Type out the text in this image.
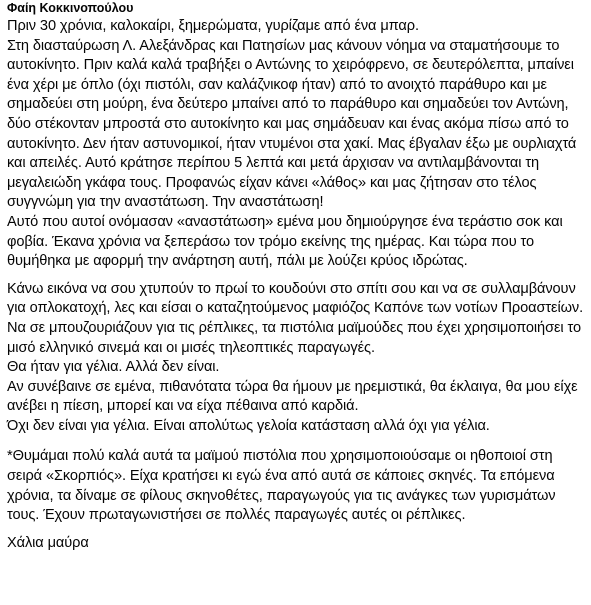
Φαίη Κοκκινοπούλου

Πριν 30 χρόνια, καλοκαίρι, ξημερώματα, γυρίζαμε από ένα μπαρ.

Στη διασταύρωση Λ. Αλεξάνδρας και Πατησίων μας κάνουν νόημα να σταματήσουμε το αυτοκίνητο. Πριν καλά καλά τραβήξει ο Αντώνης το χειρόφρενο, σε δευτερόλεπτα, μπαίνει ένα χέρι με όπλο (όχι πιστόλι, σαν καλάζνικοφ ήταν) από το ανοιχτό παράθυρο και με σημαδεύει στη μούρη, ένα δεύτερο μπαίνει από το παράθυρο και σημαδεύει τον Αντώνη, δύο στέκονταν μπροστά στο αυτοκίνητο και μας σημάδευαν και ένας ακόμα πίσω από το αυτοκίνητο. Δεν ήταν αστυνομικοί, ήταν ντυμένοι στα χακί. Μας έβγαλαν έξω με ουρλιαχτά και απειλές. Αυτό κράτησε περίπου 5 λεπτά και μετά άρχισαν να αντιλαμβάνονται τη μεγαλειώδη γκάφα τους. Προφανώς είχαν κάνει «λάθος» και μας ζήτησαν στο τέλος συγγνώμη για την αναστάτωση. Την αναστάτωση!

Αυτό που αυτοί ονόμασαν «αναστάτωση» εμένα μου δημιούργησε ένα τεράστιο σοκ και φοβία. Έκανα χρόνια να ξεπεράσω τον τρόμο εκείνης της ημέρας. Και τώρα που το θυμήθηκα με αφορμή την ανάρτηση αυτή, πάλι με λούζει κρύος ιδρώτας.

Κάνω εικόνα να σου χτυπούν το πρωί το κουδούνι στο σπίτι σου και να σε συλλαμβάνουν για οπλοκατοχή, λες και είσαι ο καταζητούμενος μαφιόζος Καπόνε των νοτίων Προαστείων. Να σε μπουζουριάζουν για τις ρέπλικες, τα πιστόλια μαϊμούδες που έχει χρησιμοποιήσει το μισό ελληνικό σινεμά και οι μισές τηλεοπτικές παραγωγές.

Θα ήταν για γέλια. Αλλά δεν είναι.

Αν συνέβαινε σε εμένα, πιθανότατα τώρα θα ήμουν με ηρεμιστικά, θα έκλαιγα, θα μου είχε ανέβει η πίεση, μπορεί και να είχα πέθαινα από καρδιά.

Όχι δεν είναι για γέλια. Είναι απολύτως γελοία κατάσταση αλλά όχι για γέλια.

*Θυμάμαι πολύ καλά αυτά τα μαϊμού πιστόλια που χρησιμοποιούσαμε οι ηθοποιοί στη σειρά «Σκορπιός». Είχα κρατήσει κι εγώ ένα από αυτά σε κάποιες σκηνές. Τα επόμενα χρόνια, τα δίναμε σε φίλους σκηνοθέτες, παραγωγούς για τις ανάγκες των γυρισμάτων τους. Έχουν πρωταγωνιστήσει σε πολλές παραγωγές αυτές οι ρέπλικες.

Χάλια μαύρα
